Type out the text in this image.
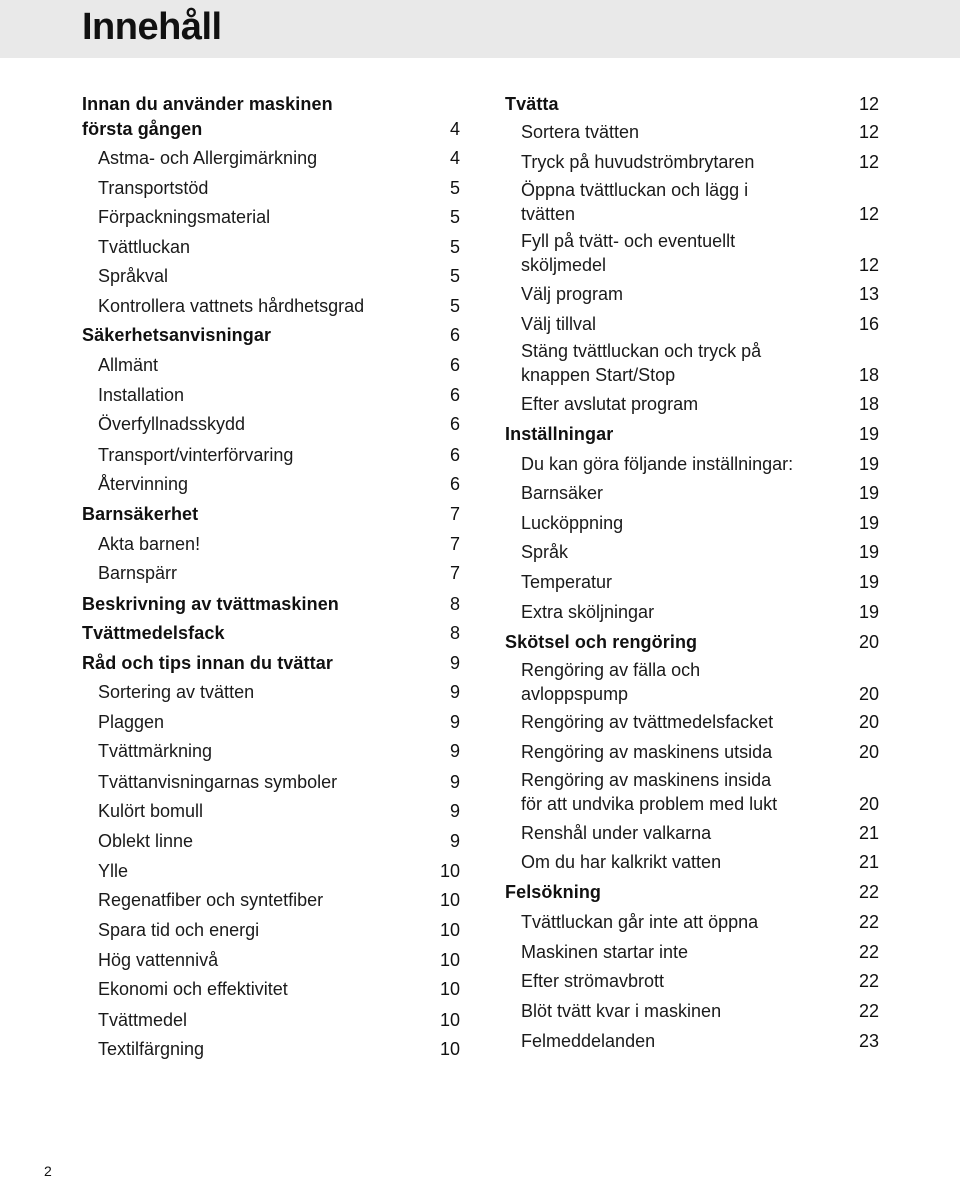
Innehåll
Innan du använder maskinen
första gången	4
Astma- och Allergimärkning	4
Transportstöd	5
Förpackningsmaterial	5
Tvättluckan	5
Språkval	5
Kontrollera vattnets hårdhetsgrad	5
Säkerhetsanvisningar	6
Allmänt	6
Installation	6
Överfyllnadsskydd	6
Transport/vinterförvaring	6
Återvinning	6
Barnsäkerhet	7
Akta barnen!	7
Barnspärr	7
Beskrivning av tvättmaskinen	8
Tvättmedelsfack	8
Råd och tips innan du tvättar	9
Sortering av tvätten	9
Plaggen	9
Tvättmärkning	9
Tvättanvisningarnas symboler	9
Kulört bomull	9
Oblekt linne	9
Ylle	10
Regenatfiber och syntetfiber	10
Spara tid och energi	10
Hög vattennivå	10
Ekonomi och effektivitet	10
Tvättmedel	10
Textilfärgning	10
Tvätta	12
Sortera tvätten	12
Tryck på huvudströmbrytaren	12
Öppna tvättluckan och lägg i
tvätten	12
Fyll på tvätt- och eventuellt
sköljmedel	12
Välj program	13
Välj tillval	16
Stäng tvättluckan och tryck på
knappen Start/Stop	18
Efter avslutat program	18
Inställningar	19
Du kan göra följande inställningar:	19
Barnsäker	19
Lucköppning	19
Språk	19
Temperatur	19
Extra sköljningar	19
Skötsel och rengöring	20
Rengöring av fälla och
avloppspump	20
Rengöring av tvättmedelsfacket	20
Rengöring av maskinens utsida	20
Rengöring av maskinens insida
för att undvika problem med lukt	20
Renshål under valkarna	21
Om du har kalkrikt vatten	21
Felsökning	22
Tvättluckan går inte att öppna	22
Maskinen startar inte	22
Efter strömavbrott	22
Blöt tvätt kvar i maskinen	22
Felmeddelanden	23
2
